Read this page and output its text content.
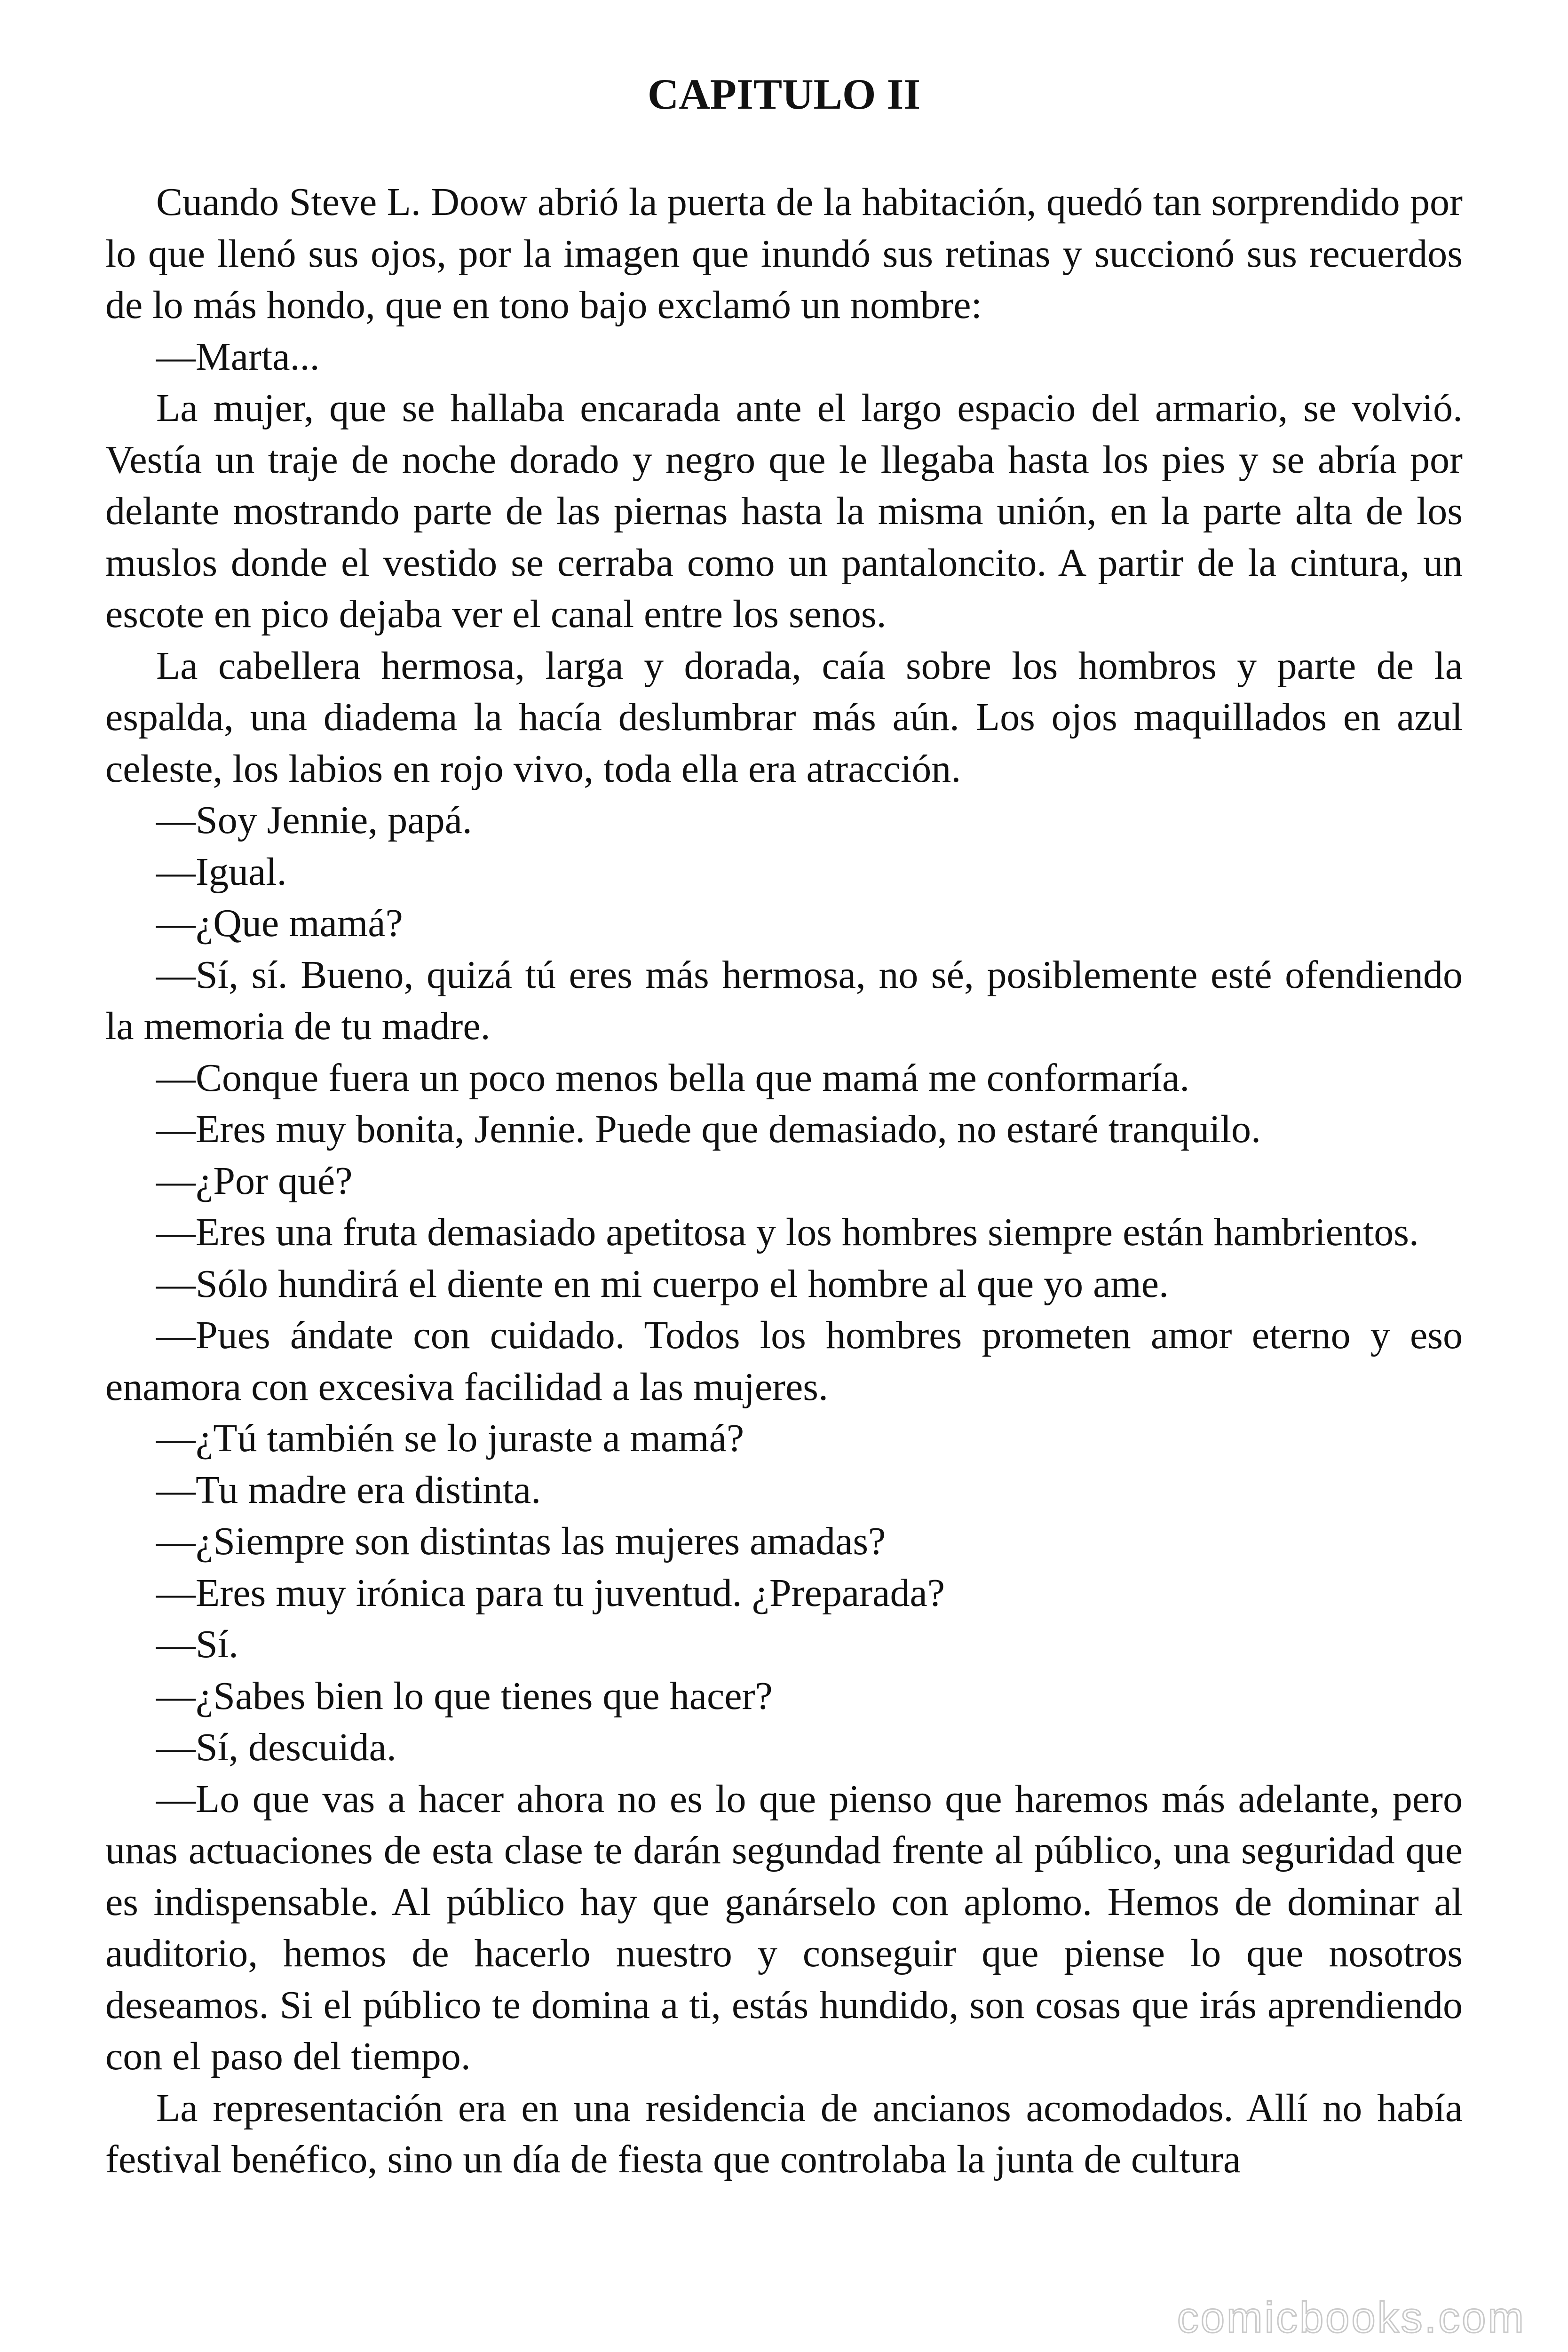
CAPITULO II

Cuando Steve L. Doow abrió la puerta de la habitación, quedó tan sorprendido por lo que llenó sus ojos, por la imagen que inundó sus retinas y succionó sus recuerdos de lo más hondo, que en tono bajo exclamó un nombre:

—Marta...

La mujer, que se hallaba encarada ante el largo espacio del armario, se volvió. Vestía un traje de noche dorado y negro que le llegaba hasta los pies y se abría por delante mostrando parte de las piernas hasta la misma unión, en la parte alta de los muslos donde el vestido se cerraba como un pantaloncito. A partir de la cintura, un escote en pico dejaba ver el canal entre los senos.

La cabellera hermosa, larga y dorada, caía sobre los hombros y parte de la espalda, una diadema la hacía deslumbrar más aún. Los ojos maquillados en azul celeste, los labios en rojo vivo, toda ella era atracción.

—Soy Jennie, papá.

—Igual.

—¿Que mamá?

—Sí, sí. Bueno, quizá tú eres más hermosa, no sé, posiblemente esté ofendiendo la memoria de tu madre.

—Conque fuera un poco menos bella que mamá me conformaría.

—Eres muy bonita, Jennie. Puede que demasiado, no estaré tranquilo.

—¿Por qué?

—Eres una fruta demasiado apetitosa y los hombres siempre están hambrientos.

—Sólo hundirá el diente en mi cuerpo el hombre al que yo ame.

—Pues ándate con cuidado. Todos los hombres prometen amor eterno y eso enamora con excesiva facilidad a las mujeres.

—¿Tú también se lo juraste a mamá?

—Tu madre era distinta.

—¿Siempre son distintas las mujeres amadas?

—Eres muy irónica para tu juventud. ¿Preparada?

—Sí.

—¿Sabes bien lo que tienes que hacer?

—Sí, descuida.

—Lo que vas a hacer ahora no es lo que pienso que haremos más adelante, pero unas actuaciones de esta clase te darán segundad frente al público, una seguridad que es indispensable. Al público hay que ganárselo con aplomo. Hemos de dominar al auditorio, hemos de hacerlo nuestro y conseguir que piense lo que nosotros deseamos. Si el público te domina a ti, estás hundido, son cosas que irás aprendiendo con el paso del tiempo.

La representación era en una residencia de ancianos acomodados. Allí no había festival benéfico, sino un día de fiesta que controlaba la junta de cultura

comicbooks.com
